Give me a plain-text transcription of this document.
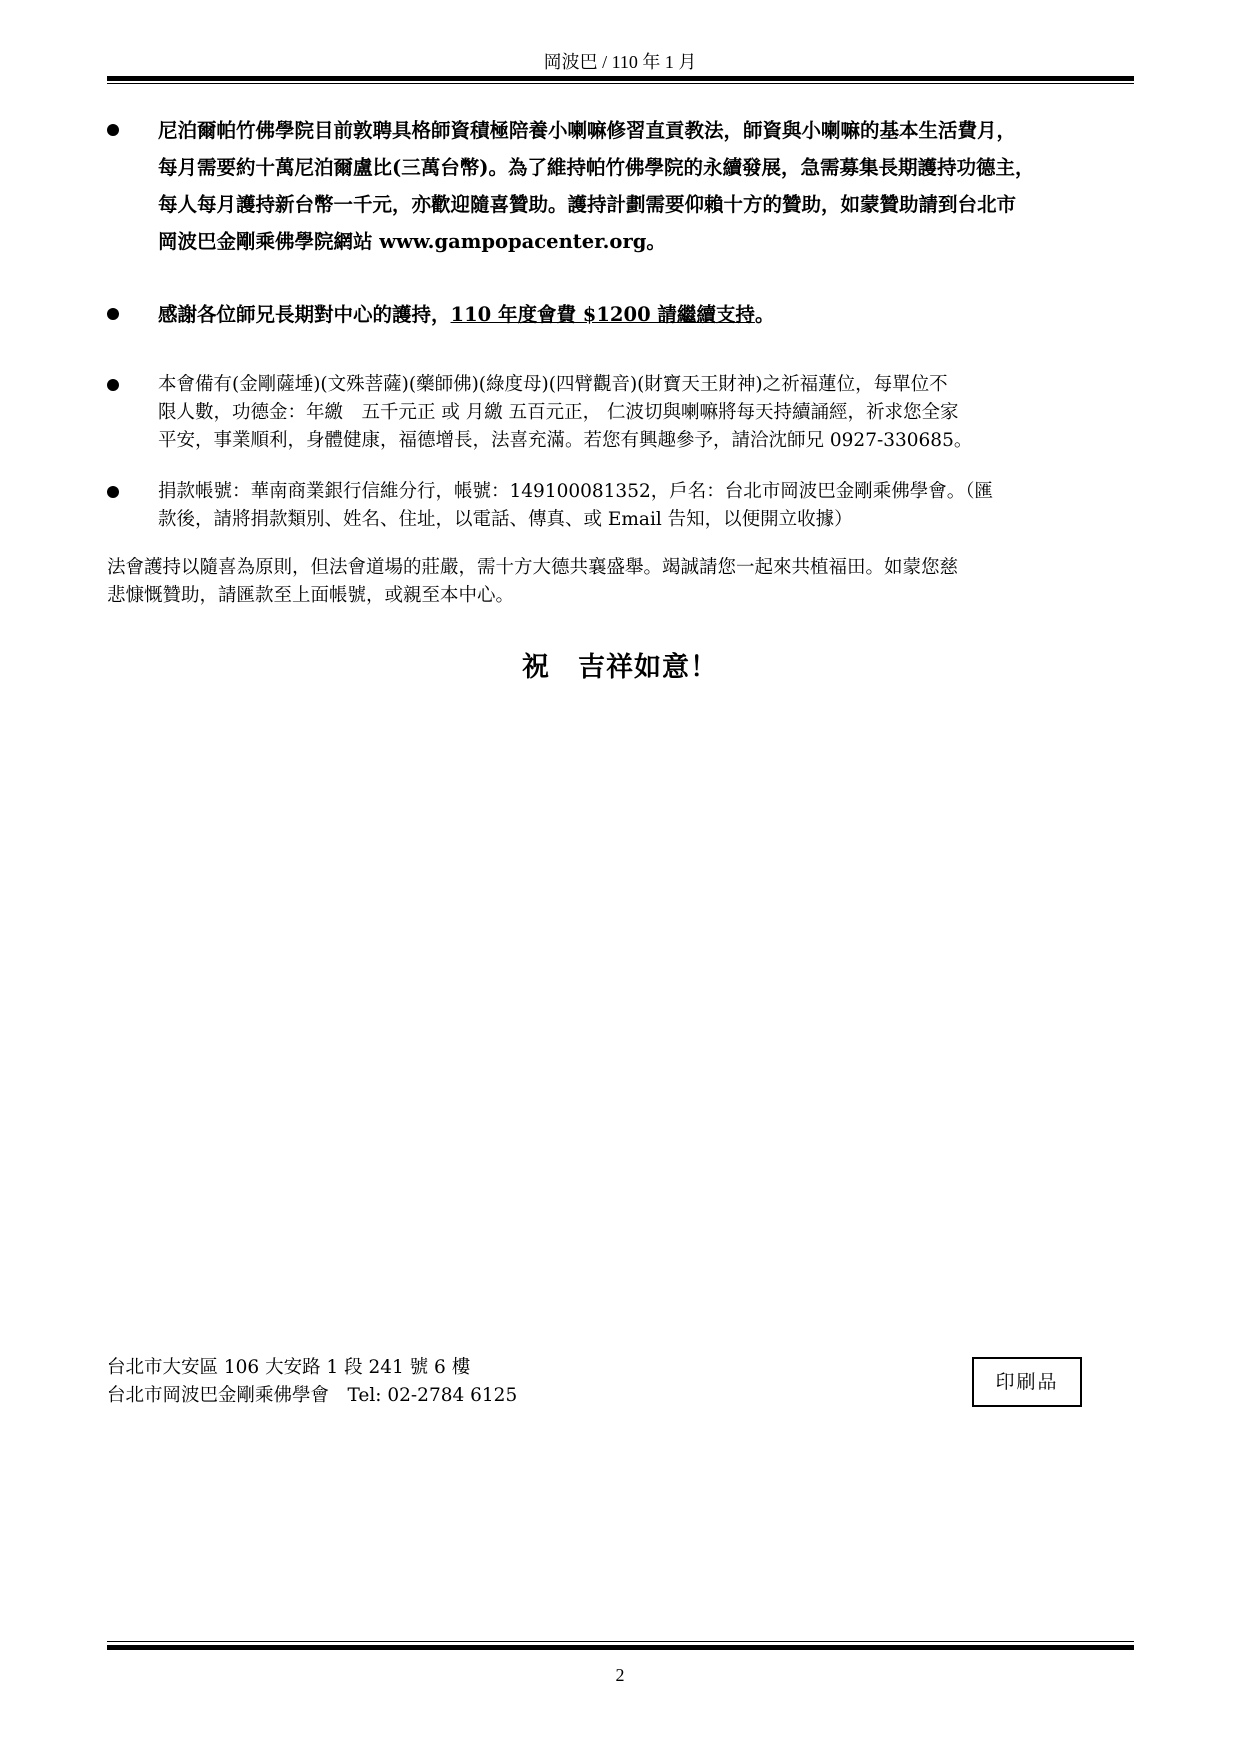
岡波巴 / 110 年 1 月
尼泊爾帕竹佛學院目前敦聘具格師資積極陪養小喇嘛修習直貢教法，師資與小喇嘛的基本生活費月，
每月需要約十萬尼泊爾盧比(三萬台幣)。為了維持帕竹佛學院的永續發展，急需募集長期護持功德主，
每人每月護持新台幣一千元，亦歡迎隨喜贊助。護持計劃需要仰賴十方的贊助，如蒙贊助請到台北市
岡波巴金剛乘佛學院網站 www.gampopacenter.org。
感謝各位師兄長期對中心的護持，110 年度會費 $1200 請繼續支持。
本會備有(金剛薩埵)(文殊菩薩)(藥師佛)(綠度母)(四臂觀音)(財寶天王財神)之祈福蓮位，每單位不
限人數，功德金：年繳　五千元正 或 月繳 五百元正， 仁波切與喇嘛將每天持續誦經，祈求您全家
平安，事業順利，身體健康，福德增長，法喜充滿。若您有興趣參予，請洽沈師兄 0927-330685。
捐款帳號：華南商業銀行信維分行，帳號：149100081352，戶名：台北市岡波巴金剛乘佛學會。（匯
款後，請將捐款類別、姓名、住址，以電話、傳真、或 Email 告知，以便開立收據）
法會護持以隨喜為原則，但法會道場的莊嚴，需十方大德共襄盛舉。竭誠請您一起來共植福田。如蒙您慈
悲慷慨贊助，請匯款至上面帳號，或親至本中心。
祝　吉祥如意！
台北市大安區 106 大安路 1 段 241 號 6 樓
台北市岡波巴金剛乘佛學會　Tel: 02-2784 6125
印刷品
2
